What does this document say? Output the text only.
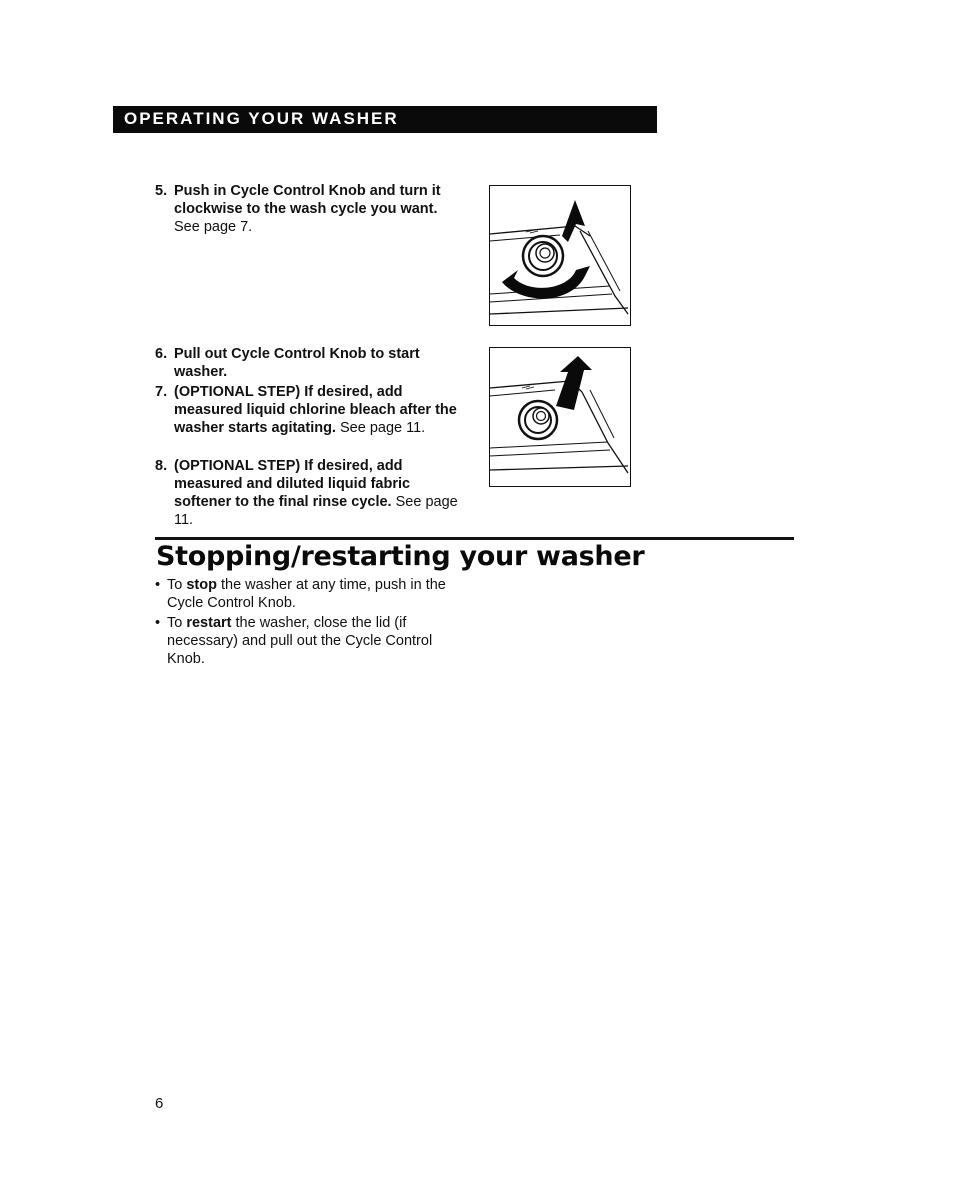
OPERATING YOUR WASHER
5. Push in Cycle Control Knob and turn it clockwise to the wash cycle you want.
See page 7.
6. Pull out Cycle Control Knob to start washer.
7. (OPTIONAL STEP) If desired, add measured liquid chlorine bleach after the washer starts agitating. See page 11.
8. (OPTIONAL STEP) If desired, add measured and diluted liquid fabric softener to the final rinse cycle. See page 11.
Stopping/restarting your washer
• To stop the washer at any time, push in the Cycle Control Knob.
• To restart the washer, close the lid (if necessary) and pull out the Cycle Control Knob.
6
